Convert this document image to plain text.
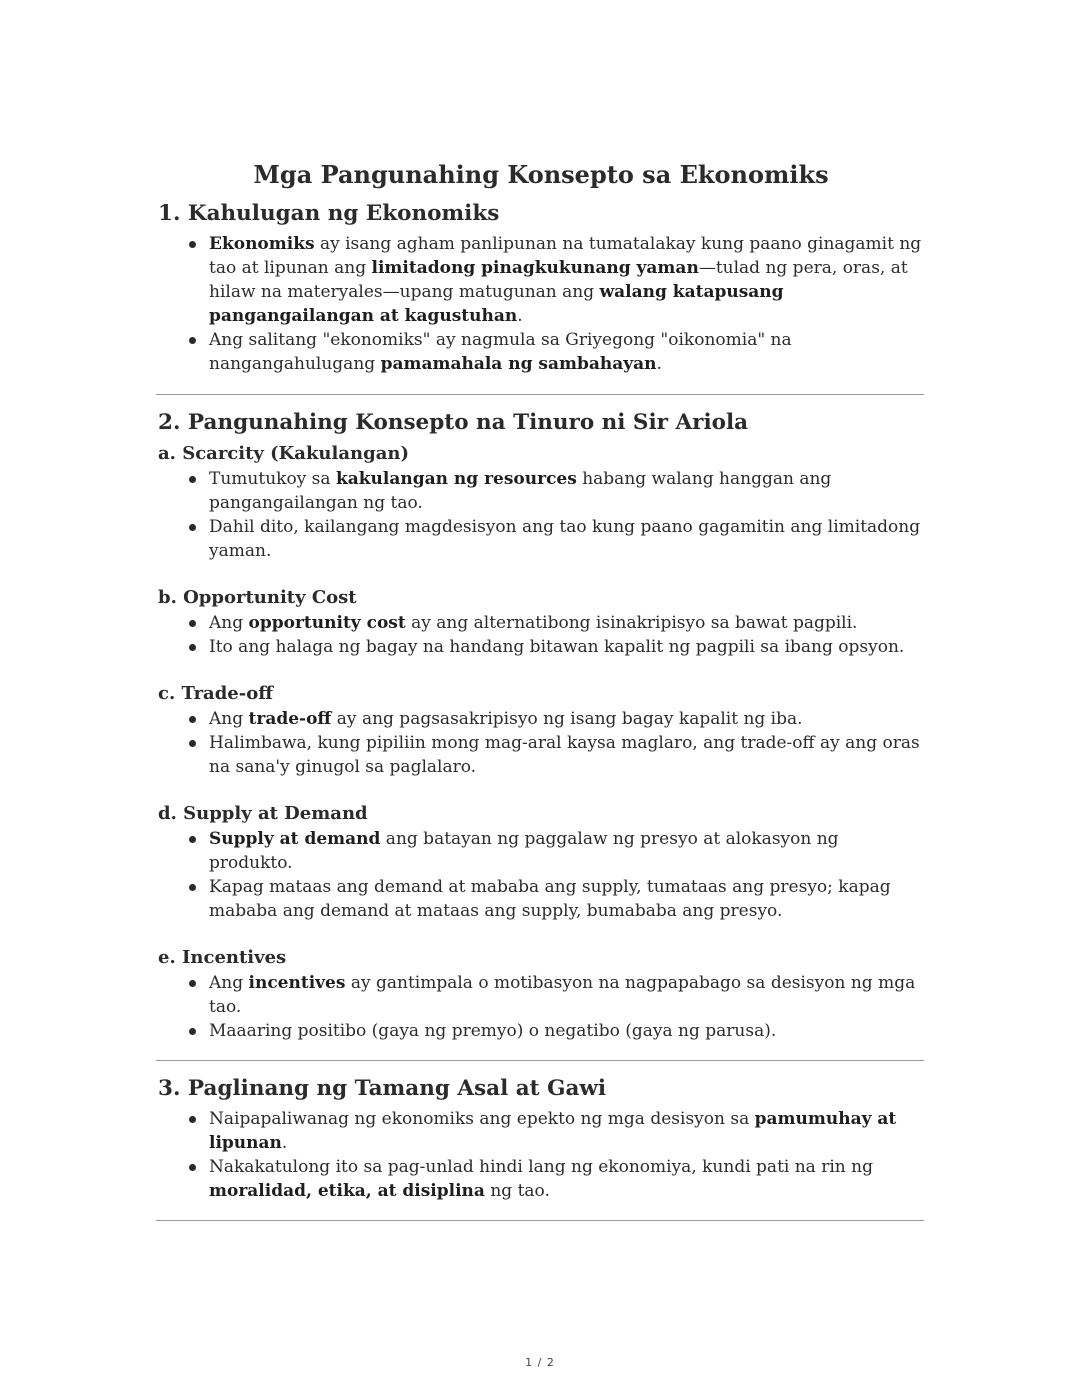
Mga Pangunahing Konsepto sa Ekonomiks
1. Kahulugan ng Ekonomiks
Ekonomiks ay isang agham panlipunan na tumatalakay kung paano ginagamit ng tao at lipunan ang limitadong pinagkukunang yaman—tulad ng pera, oras, at hilaw na materyales—upang matugunan ang walang katapusang pangangailangan at kagustuhan.
Ang salitang "ekonomiks" ay nagmula sa Griyegong "oikonomia" na nangangahulugang pamamahala ng sambahayan.
2. Pangunahing Konsepto na Tinuro ni Sir Ariola
a. Scarcity (Kakulangan)
Tumutukoy sa kakulangan ng resources habang walang hanggan ang pangangailangan ng tao.
Dahil dito, kailangang magdesisyon ang tao kung paano gagamitin ang limitadong yaman.
b. Opportunity Cost
Ang opportunity cost ay ang alternatibong isinakripisyo sa bawat pagpili.
Ito ang halaga ng bagay na handang bitawan kapalit ng pagpili sa ibang opsyon.
c. Trade-off
Ang trade-off ay ang pagsasakripisyo ng isang bagay kapalit ng iba.
Halimbawa, kung pipiliin mong mag-aral kaysa maglaro, ang trade-off ay ang oras na sana'y ginugol sa paglalaro.
d. Supply at Demand
Supply at demand ang batayan ng paggalaw ng presyo at alokasyon ng produkto.
Kapag mataas ang demand at mababa ang supply, tumataas ang presyo; kapag mababa ang demand at mataas ang supply, bumababa ang presyo.
e. Incentives
Ang incentives ay gantimpala o motibasyon na nagpapabago sa desisyon ng mga tao.
Maaaring positibo (gaya ng premyo) o negatibo (gaya ng parusa).
3. Paglinang ng Tamang Asal at Gawi
Naipapaliwanag ng ekonomiks ang epekto ng mga desisyon sa pamumuhay at lipunan.
Nakakatulong ito sa pag-unlad hindi lang ng ekonomiya, kundi pati na rin ng moralidad, etika, at disiplina ng tao.
1 / 2
